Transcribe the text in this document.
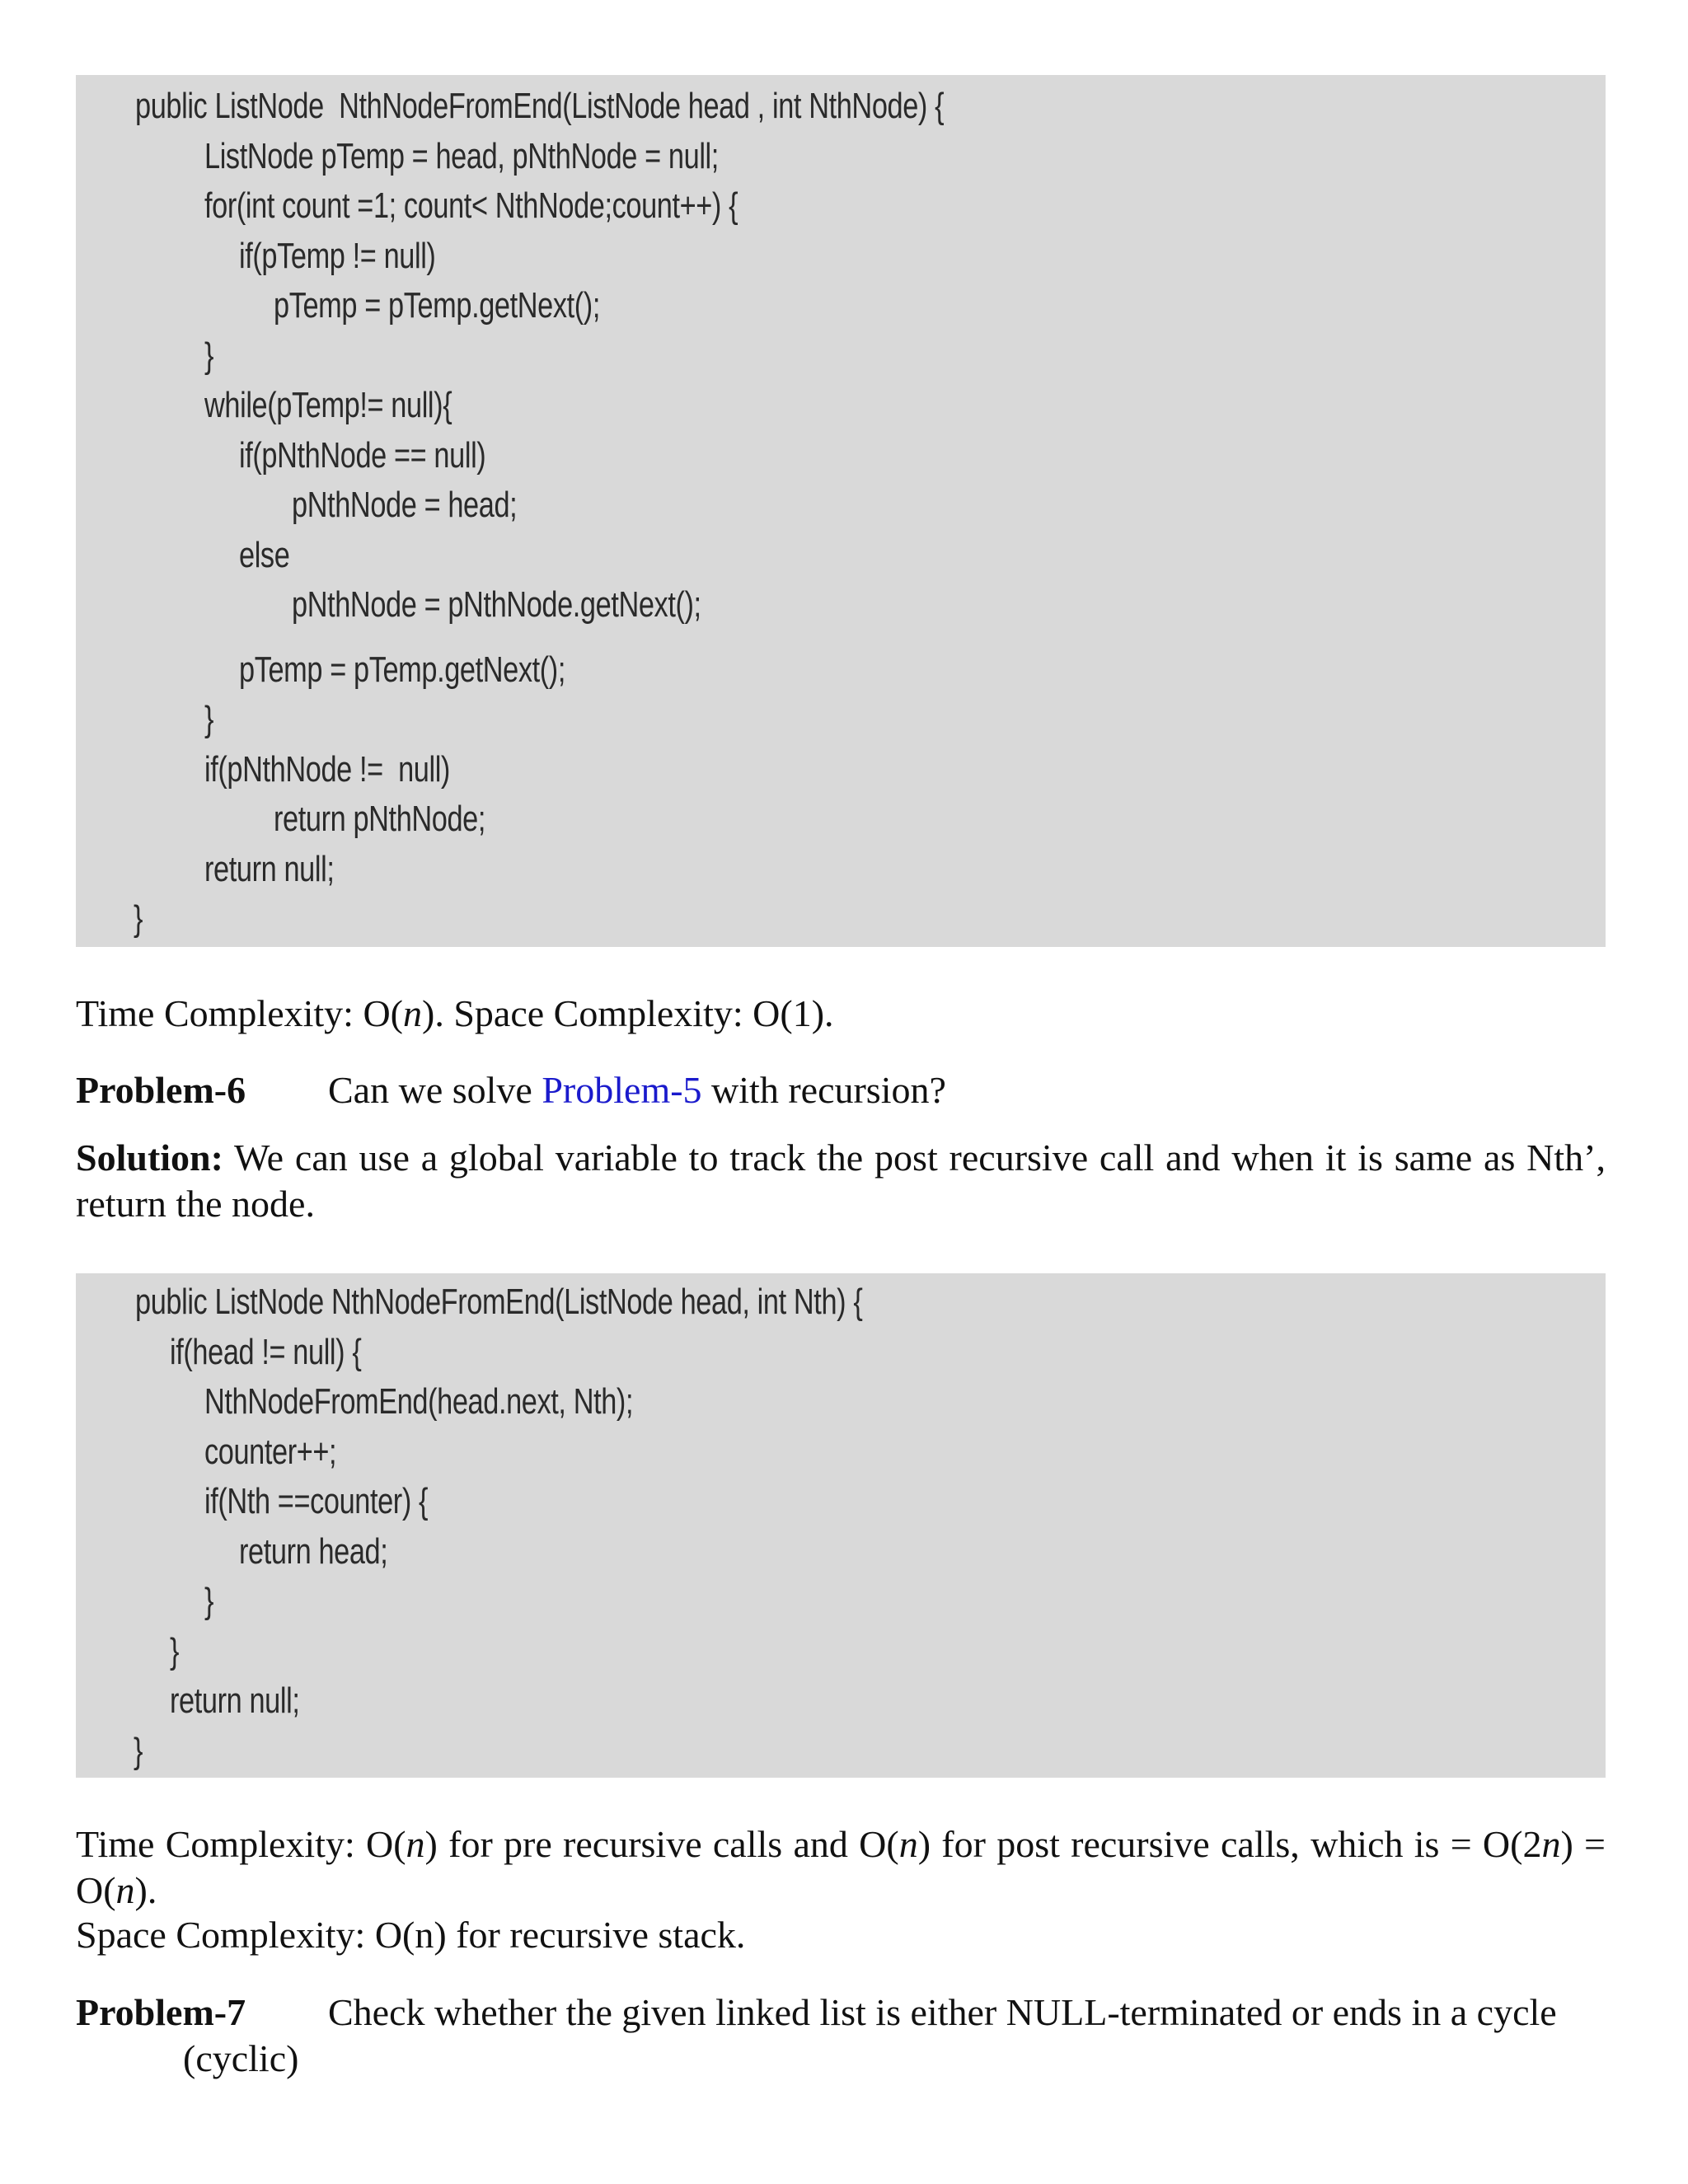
public ListNode  NthNodeFromEnd(ListNode head , int NthNode) {
ListNode pTemp = head, pNthNode = null;
for(int count =1; count< NthNode;count++) {
if(pTemp != null)
pTemp = pTemp.getNext();
}
while(pTemp!= null){
if(pNthNode == null)
pNthNode = head;
else
pNthNode = pNthNode.getNext();
pTemp = pTemp.getNext();
}
if(pNthNode !=  null)
return pNthNode;
return null;
}
Time Complexity: O(n). Space Complexity: O(1).
Problem-6 Can we solve Problem-5 with recursion?
Solution: We can use a global variable to track the post recursive call and when it is same as Nth’, return the node.
public ListNode NthNodeFromEnd(ListNode head, int Nth) {
if(head != null) {
NthNodeFromEnd(head.next, Nth);
counter++;
if(Nth ==counter) {
return head;
}
}
return null;
}
Time Complexity: O(n) for pre recursive calls and O(n) for post recursive calls, which is = O(2n) = O(n).
Space Complexity: O(n) for recursive stack.
Problem-7 Check whether the given linked list is either NULL-terminated or ends in a cycle
(cyclic)
